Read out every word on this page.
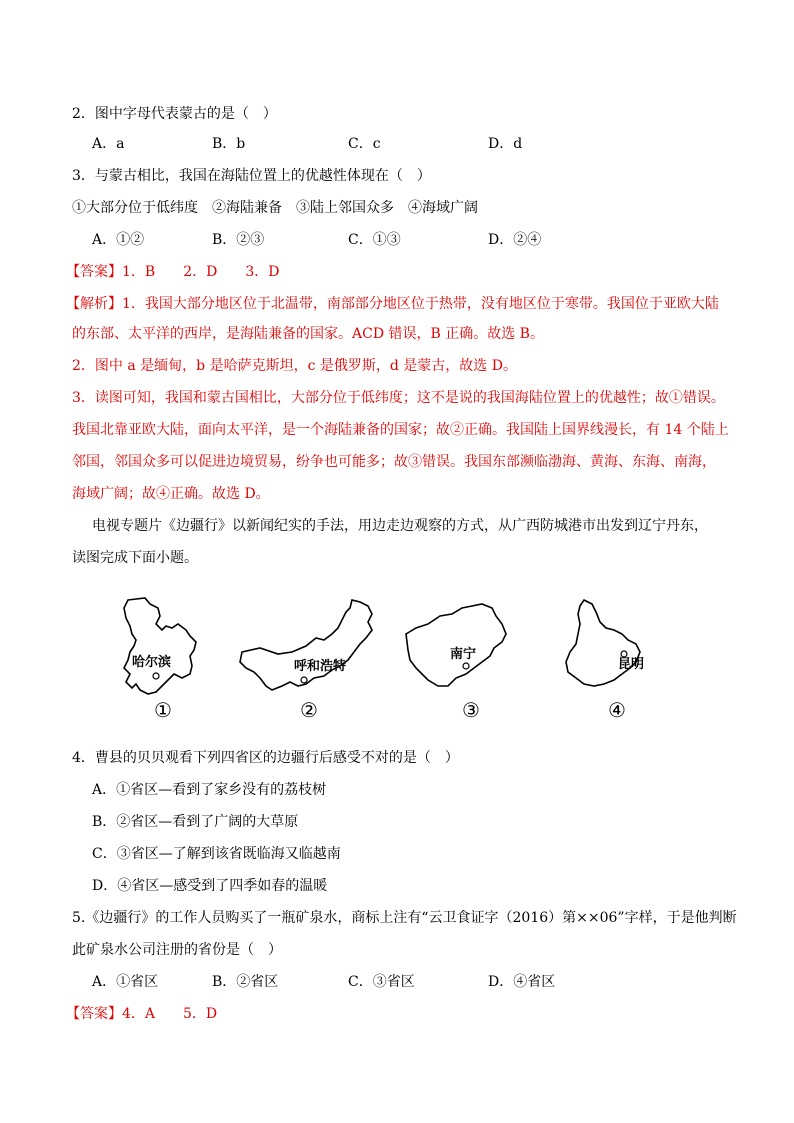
2．图中字母代表蒙古的是（　）
A．a	B．b	C．c	D．d
3．与蒙古相比，我国在海陆位置上的优越性体现在（　）
①大部分位于低纬度　②海陆兼备　③陆上邻国众多　④海域广阔
A．①②	B．②③	C．①③	D．②④
【答案】1．B　　2．D　　3．D
【解析】1．我国大部分地区位于北温带，南部部分地区位于热带，没有地区位于寒带。我国位于亚欧大陆
的东部、太平洋的西岸，是海陆兼备的国家。ACD 错误，B 正确。故选 B。
2．图中 a 是缅甸，b 是哈萨克斯坦，c 是俄罗斯，d 是蒙古，故选 D。
3．读图可知，我国和蒙古国相比，大部分位于低纬度；这不是说的我国海陆位置上的优越性；故①错误。
我国北靠亚欧大陆，面向太平洋，是一个海陆兼备的国家；故②正确。我国陆上国界线漫长，有 14 个陆上
邻国，邻国众多可以促进边境贸易，纷争也可能多；故③错误。我国东部濒临渤海、黄海、东海、南海，
海域广阔；故④正确。故选 D。
电视专题片《边疆行》以新闻纪实的手法，用边走边观察的方式，从广西防城港市出发到辽宁丹东，
读图完成下面小题。
哈尔滨	呼和浩特
南宁
昆明
①	②	③	④
4．曹县的贝贝观看下列四省区的边疆行后感受不对的是（　）
A．①省区—看到了家乡没有的荔枝树
B．②省区—看到了广阔的大草原
C．③省区—了解到该省既临海又临越南
D．④省区—感受到了四季如春的温暖
5.《边疆行》的工作人员购买了一瓶矿泉水，商标上注有“云卫食证字（2016）第××06”字样，于是他判断
此矿泉水公司注册的省份是（　）
A．①省区	B．②省区	C．③省区	D．④省区
【答案】4．A　　5．D
